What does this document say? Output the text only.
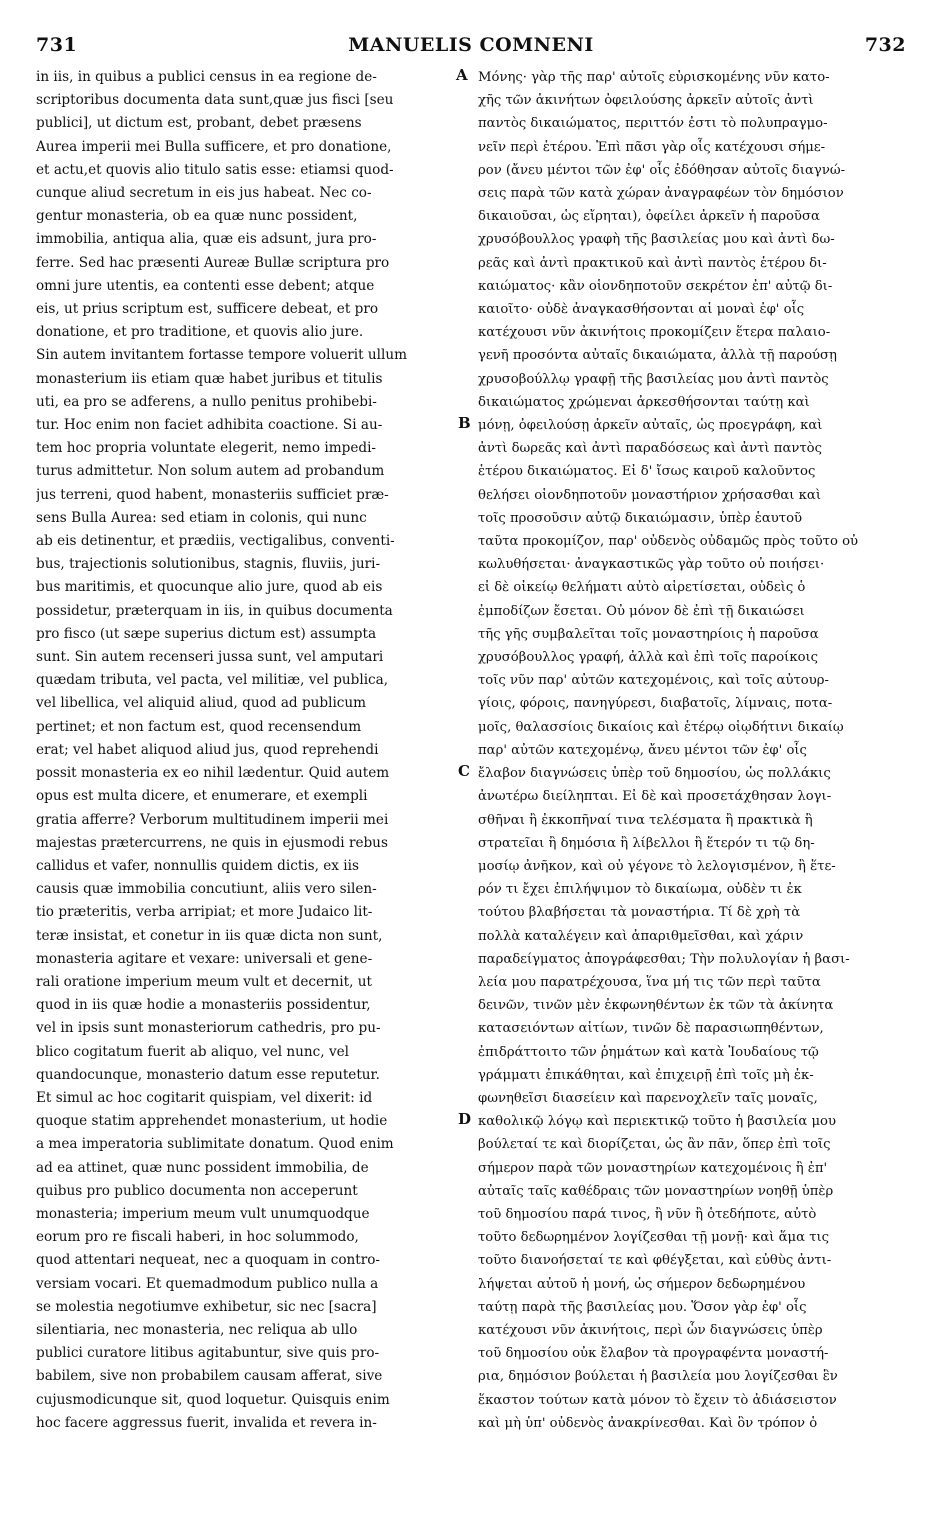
731	MANUELIS COMNENI	732
in iis, in quibus a publici census in ea regione de-
scriptoribus documenta data sunt,quæ jus fisci [seu
publici], ut dictum est, probant, debet præsens
Aurea imperii mei Bulla sufficere, et pro donatione,
et actu,et quovis alio titulo satis esse: etiamsi quod-
cunque aliud secretum in eis jus habeat. Nec co-
gentur monasteria, ob ea quæ nunc possident,
immobilia, antiqua alia, quæ eis adsunt, jura pro-
ferre. Sed hac præsenti Aureæ Bullæ scriptura pro
omni jure utentis, ea contenti esse debent; atque
eis, ut prius scriptum est, sufficere debeat, et pro
donatione, et pro traditione, et quovis alio jure.
Sin autem invitantem fortasse tempore voluerit ullum
monasterium iis etiam quæ habet juribus et titulis
uti, ea pro se adferens, a nullo penitus prohibebi-
tur. Hoc enim non faciet adhibita coactione. Si au-
tem hoc propria voluntate elegerit, nemo impedi-
turus admittetur. Non solum autem ad probandum
jus terreni, quod habent, monasteriis sufficiet præ-
sens Bulla Aurea: sed etiam in colonis, qui nunc
ab eis detinentur, et prædiis, vectigalibus, conventi-
bus, trajectionis solutionibus, stagnis, fluviis, juri-
bus maritimis, et quocunque alio jure, quod ab eis
possidetur, præterquam in iis, in quibus documenta
pro fisco (ut sæpe superius dictum est) assumpta
sunt. Sin autem recenseri jussa sunt, vel amputari
quædam tributa, vel pacta, vel militiæ, vel publica,
vel libellica, vel aliquid aliud, quod ad publicum
pertinet; et non factum est, quod recensendum
erat; vel habet aliquod aliud jus, quod reprehendi
possit monasteria ex eo nihil lædentur. Quid autem
opus est multa dicere, et enumerare, et exempli
gratia afferre? Verborum multitudinem imperii mei
majestas prætercurrens, ne quis in ejusmodi rebus
callidus et vafer, nonnullis quidem dictis, ex iis
causis quæ immobilia concutiunt, aliis vero silen-
tio præteritis, verba arripiat; et more Judaico lit-
teræ insistat, et conetur in iis quæ dicta non sunt,
monasteria agitare et vexare: universali et gene-
rali oratione imperium meum vult et decernit, ut
quod in iis quæ hodie a monasteriis possidentur,
vel in ipsis sunt monasteriorum cathedris, pro pu-
blico cogitatum fuerit ab aliquo, vel nunc, vel
quandocunque, monasterio datum esse reputetur.
Et simul ac hoc cogitarit quispiam, vel dixerit: id
quoque statim apprehendet monasterium, ut hodie
a mea imperatoria sublimitate donatum. Quod enim
ad ea attinet, quæ nunc possident immobilia, de
quibus pro publico documenta non acceperunt
monasteria; imperium meum vult unumquodque
eorum pro re fiscali haberi, in hoc solummodo,
quod attentari nequeat, nec a quoquam in contro-
versiam vocari. Et quemadmodum publico nulla a
se molestia negotiumve exhibetur, sic nec [sacra]
silentiaria, nec monasteria, nec reliqua ab ullo
publici curatore litibus agitabuntur, sive quis pro-
babilem, sive non probabilem causam afferat, sive
cujusmodicunque sit, quod loquetur. Quisquis enim
hoc facere aggressus fuerit, invalida et revera in-
Μόνης· γὰρ τῆς παρ' αὐτοῖς εὑρισκομένης νῦν κατο-
χῆς τῶν ἀκινήτων ὀφειλούσης ἀρκεῖν αὐτοῖς ἀντὶ
παντὸς δικαιώματος, περιττόν ἐστι τὸ πολυπραγμο-
νεῖν περὶ ἑτέρου. Ἐπὶ πᾶσι γὰρ οἷς κατέχουσι σήμε-
ρον (ἄνευ μέντοι τῶν ἐφ' οἷς ἐδόθησαν αὐτοῖς διαγνώ-
σεις παρὰ τῶν κατὰ χώραν ἀναγραφέων τὸν δημόσιον
δικαιοῦσαι, ὡς εἴρηται), ὀφείλει ἀρκεῖν ἡ παροῦσα
χρυσόβουλλος γραφὴ τῆς βασιλείας μου καὶ ἀντὶ δω-
ρεᾶς καὶ ἀντὶ πρακτικοῦ καὶ ἀντὶ παντὸς ἑτέρου δι-
καιώματος· κἂν οἱονδηποτοῦν σεκρέτον ἐπ' αὐτῷ δι-
καιοῖτο· οὐδὲ ἀναγκασθήσονται αἱ μοναὶ ἐφ' οἷς
κατέχουσι νῦν ἀκινήτοις προκομίζειν ἕτερα παλαιο-
γενῆ προσόντα αὐταῖς δικαιώματα, ἀλλὰ τῇ παρούσῃ
χρυσοβούλλῳ γραφῇ τῆς βασιλείας μου ἀντὶ παντὸς
δικαιώματος χρώμεναι ἀρκεσθήσονται ταύτῃ καὶ
μόνῃ, ὀφειλούσῃ ἀρκεῖν αὐταῖς, ὡς προεγράφη, καὶ
ἀντὶ δωρεᾶς καὶ ἀντὶ παραδόσεως καὶ ἀντὶ παντὸς
ἑτέρου δικαιώματος. Εἰ δ' ἴσως καιροῦ καλοῦντος
θελήσει οἱονδηποτοῦν μοναστήριον χρήσασθαι καὶ
τοῖς προσοῦσιν αὐτῷ δικαιώμασιν, ὑπὲρ ἑαυτοῦ
ταῦτα προκομίζον, παρ' οὐδενὸς οὐδαμῶς πρὸς τοῦτο οὐ
κωλυθήσεται· ἀναγκαστικῶς γὰρ τοῦτο οὐ ποιήσει·
εἰ δὲ οἰκείῳ θελήματι αὐτὸ αἱρετίσεται, οὐδεὶς ὁ
ἐμποδίζων ἔσεται. Οὐ μόνον δὲ ἐπὶ τῇ δικαιώσει
τῆς γῆς συμβαλεῖται τοῖς μοναστηρίοις ἡ παροῦσα
χρυσόβουλλος γραφή, ἀλλὰ καὶ ἐπὶ τοῖς παροίκοις
τοῖς νῦν παρ' αὐτῶν κατεχομένοις, καὶ τοῖς αὐτουρ-
γίοις, φόροις, πανηγύρεσι, διαβατοῖς, λίμναις, ποτα-
μοῖς, θαλασσίοις δικαίοις καὶ ἑτέρῳ οἱῳδήτινι δικαίῳ
παρ' αὐτῶν κατεχομένῳ, ἄνευ μέντοι τῶν ἐφ' οἷς
ἔλαβον διαγνώσεις ὑπὲρ τοῦ δημοσίου, ὡς πολλάκις
ἀνωτέρω διείληπται. Εἰ δὲ καὶ προσετάχθησαν λογι-
σθῆναι ἢ ἐκκοπῆναί τινα τελέσματα ἢ πρακτικὰ ἢ
στρατεῖαι ἢ δημόσια ἢ λίβελλοι ἢ ἕτερόν τι τῷ δη-
μοσίῳ ἀνῆκον, καὶ οὐ γέγονε τὸ λελογισμένον, ἢ ἕτε-
ρόν τι ἔχει ἐπιλήψιμον τὸ δικαίωμα, οὐδὲν τι ἐκ
τούτου βλαβήσεται τὰ μοναστήρια. Τί δὲ χρὴ τὰ
πολλὰ καταλέγειν καὶ ἀπαριθμεῖσθαι, καὶ χάριν
παραδείγματος ἀπογράφεσθαι; Τὴν πολυλογίαν ἡ βασι-
λεία μου παρατρέχουσα, ἵνα μή τις τῶν περὶ ταῦτα
δεινῶν, τινῶν μὲν ἐκφωνηθέντων ἐκ τῶν τὰ ἀκίνητα
κατασειόντων αἰτίων, τινῶν δὲ παρασιωπηθέντων,
ἐπιδράττοιτο τῶν ῥημάτων καὶ κατὰ Ἰουδαίους τῷ
γράμματι ἐπικάθηται, καὶ ἐπιχειρῇ ἐπὶ τοῖς μὴ ἐκ-
φωνηθεῖσι διασείειν καὶ παρενοχλεῖν ταῖς μοναῖς,
καθολικῷ λόγῳ καὶ περιεκτικῷ τοῦτο ἡ βασιλεία μου
βούλεταί τε καὶ διορίζεται, ὡς ἂν πᾶν, ὅπερ ἐπὶ τοῖς
σήμερον παρὰ τῶν μοναστηρίων κατεχομένοις ἢ ἐπ'
αὐταῖς ταῖς καθέδραις τῶν μοναστηρίων νοηθῇ ὑπὲρ
τοῦ δημοσίου παρά τινος, ἢ νῦν ἢ ὁτεδήποτε, αὐτὸ
τοῦτο δεδωρημένον λογίζεσθαι τῇ μονῇ· καὶ ἅμα τις
τοῦτο διανοήσεταί τε καὶ φθέγξεται, καὶ εὐθὺς ἀντι-
λήψεται αὐτοῦ ἡ μονή, ὡς σήμερον δεδωρημένου
ταύτῃ παρὰ τῆς βασιλείας μου. Ὅσον γὰρ ἐφ' οἷς
κατέχουσι νῦν ἀκινήτοις, περὶ ὧν διαγνώσεις ὑπὲρ
τοῦ δημοσίου οὐκ ἔλαβον τὰ προγραφέντα μοναστή-
ρια, δημόσιον βούλεται ἡ βασιλεία μου λογίζεσθαι ἓν
ἕκαστον τούτων κατὰ μόνον τὸ ἔχειν τὸ ἀδιάσειστον
καὶ μὴ ὑπ' οὐδενὸς ἀνακρίνεσθαι. Καὶ ὃν τρόπον ὁ
A
B
C
D
